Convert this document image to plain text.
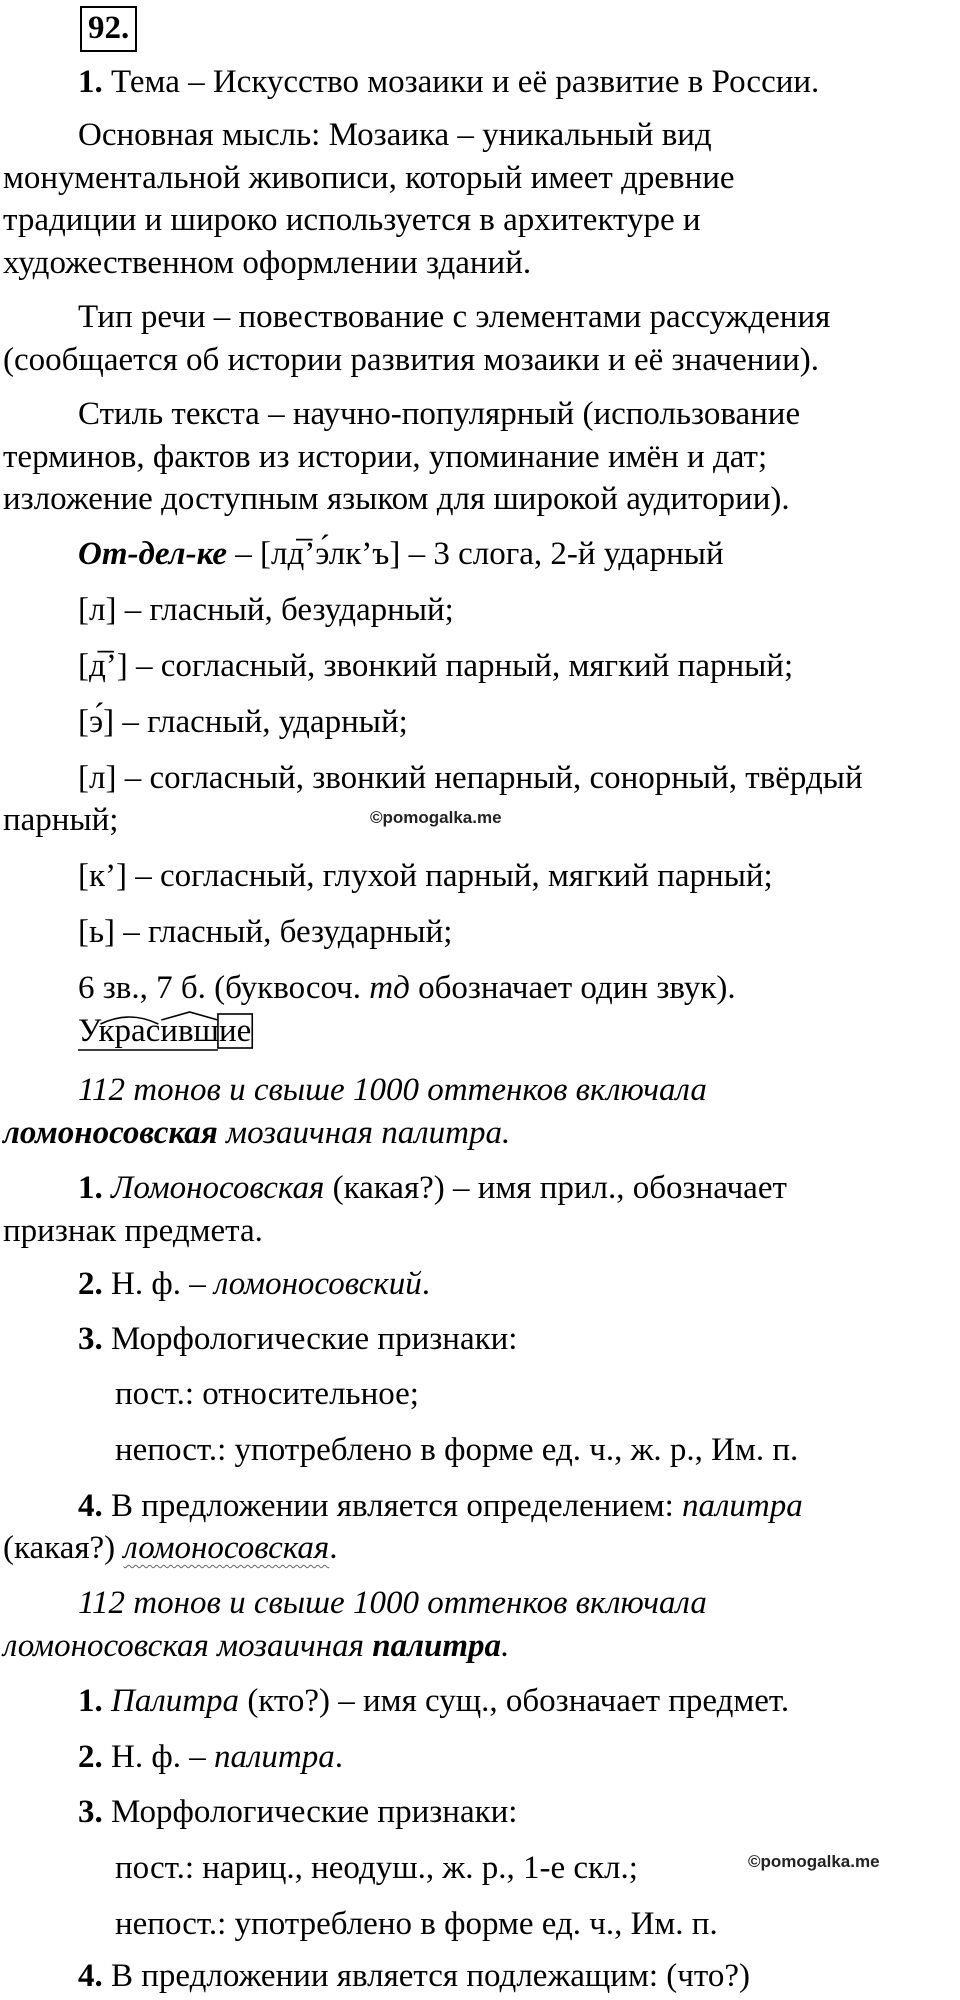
92.
1. Тема – Искусство мозаики и её развитие в России.
Основная мысль: Мозаика – уникальный вид
монументальной живописи, который имеет древние
традиции и широко используется в архитектуре и
художественном оформлении зданий.
Тип речи – повествование с элементами рассуждения
(сообщается об истории развития мозаики и её значении).
Стиль текста – научно-популярный (использование
терминов, фактов из истории, упоминание имён и дат;
изложение доступным языком для широкой аудитории).
От-дел-ке – [лд̅’э́лк’ъ] – 3 слога, 2-й ударный
[л] – гласный, безударный;
[д̅’] – согласный, звонкий парный, мягкий парный;
[э́] – гласный, ударный;
[л] – согласный, звонкий непарный, сонорный, твёрдый
парный;
[к’] – согласный, глухой парный, мягкий парный;
[ь] – гласный, безударный;
6 зв., 7 б. (буквосоч. тд обозначает один звук).
©pomogalka.me
Украсившие
112 тонов и свыше 1000 оттенков включала
ломоносовская мозаичная палитра.
1. Ломоносовская (какая?) – имя прил., обозначает
признак предмета.
2. Н. ф. – ломоносовский.
3. Морфологические признаки:
пост.: относительное;
непост.: употреблено в форме ед. ч., ж. р., Им. п.
4. В предложении является определением: палитра
(какая?) ломоносовская.
112 тонов и свыше 1000 оттенков включала
ломоносовская мозаичная палитра.
1. Палитра (кто?) – имя сущ., обозначает предмет.
2. Н. ф. – палитра.
3. Морфологические признаки:
пост.: нариц., неодуш., ж. р., 1-е скл.;
непост.: употреблено в форме ед. ч., Им. п.
4. В предложении является подлежащим: (что?)
©pomogalka.me
